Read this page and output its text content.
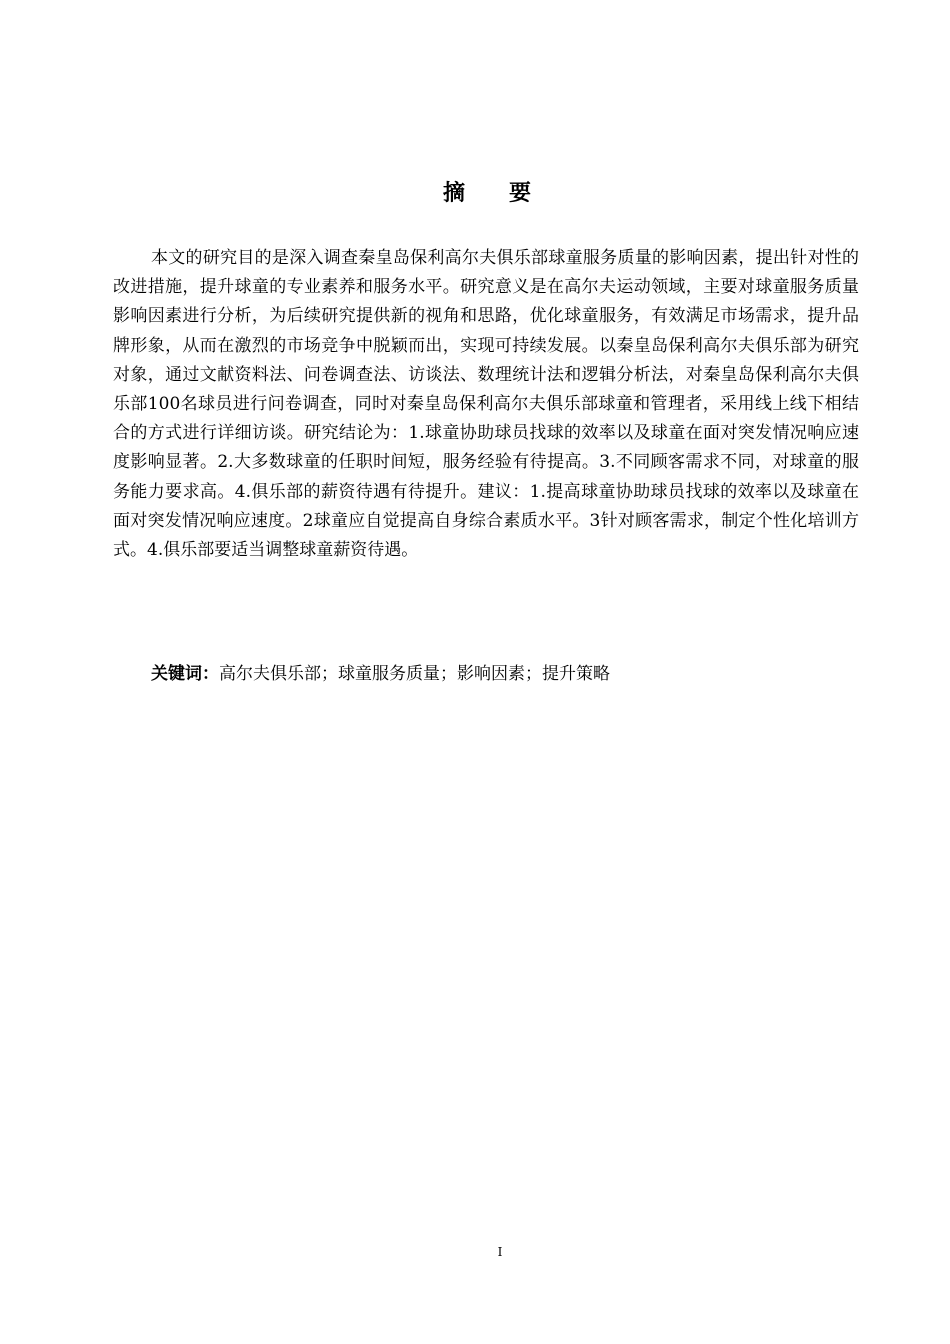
摘 要

本文的研究目的是深入调查秦皇岛保利高尔夫俱乐部球童服务质量的影响因素，提出针对性的改进措施，提升球童的专业素养和服务水平。研究意义是在高尔夫运动领域，主要对球童服务质量影响因素进行分析，为后续研究提供新的视角和思路，优化球童服务，有效满足市场需求，提升品牌形象，从而在激烈的市场竞争中脱颖而出，实现可持续发展。以秦皇岛保利高尔夫俱乐部为研究对象，通过文献资料法、问卷调查法、访谈法、数理统计法和逻辑分析法，对秦皇岛保利高尔夫俱乐部100名球员进行问卷调查，同时对秦皇岛保利高尔夫俱乐部球童和管理者，采用线上线下相结合的方式进行详细访谈。研究结论为：1.球童协助球员找球的效率以及球童在面对突发情况响应速度影响显著。2.大多数球童的任职时间短，服务经验有待提高。3.不同顾客需求不同，对球童的服务能力要求高。4.俱乐部的薪资待遇有待提升。建议：1.提高球童协助球员找球的效率以及球童在面对突发情况响应速度。2球童应自觉提高自身综合素质水平。3针对顾客需求，制定个性化培训方式。4.俱乐部要适当调整球童薪资待遇。

关键词：高尔夫俱乐部；球童服务质量；影响因素；提升策略
I
